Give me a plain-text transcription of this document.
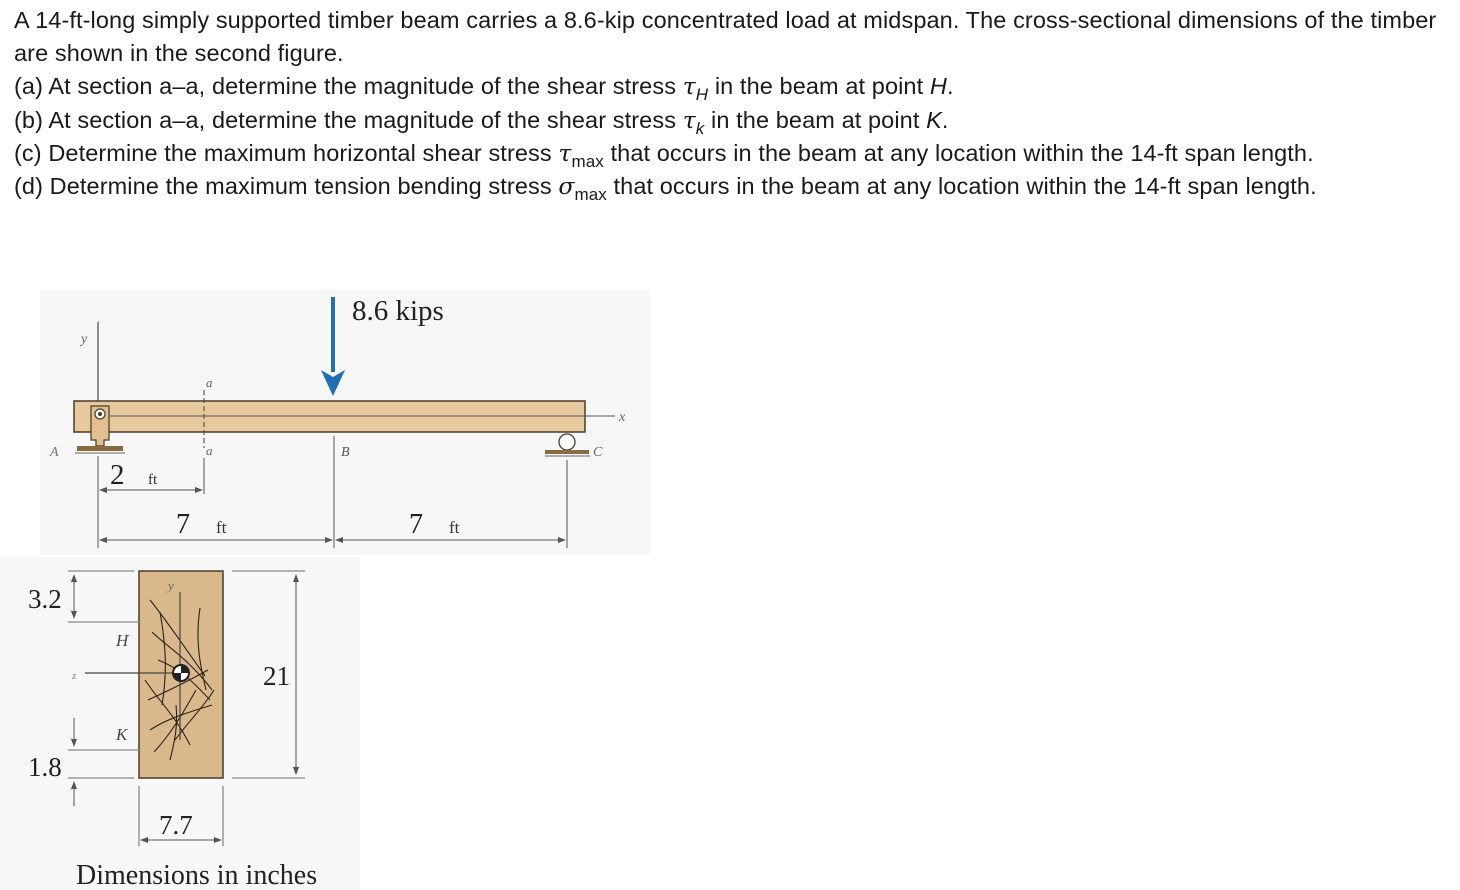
A 14-ft-long simply supported timber beam carries a 8.6-kip concentrated load at midspan. The cross-sectional dimensions of the timber are shown in the second figure.

(a) At section a–a, determine the magnitude of the shear stress $\tau_H$ in the beam at point H.

(b) At section a–a, determine the magnitude of the shear stress $\tau_k$ in the beam at point K.

(c) Determine the maximum horizontal shear stress $\tau_{max}$ that occurs in the beam at any location within the 14-ft span length.

(d) Determine the maximum tension bending stress $\sigma_{max}$ that occurs in the beam at any location within the 14-ft span length.

y
x
A	C
a
a
8.6 kips
B
2 ft
7 ft	7 ft
y
z
H
K
3.2
1.8
21
7.7
Dimensions in inches
